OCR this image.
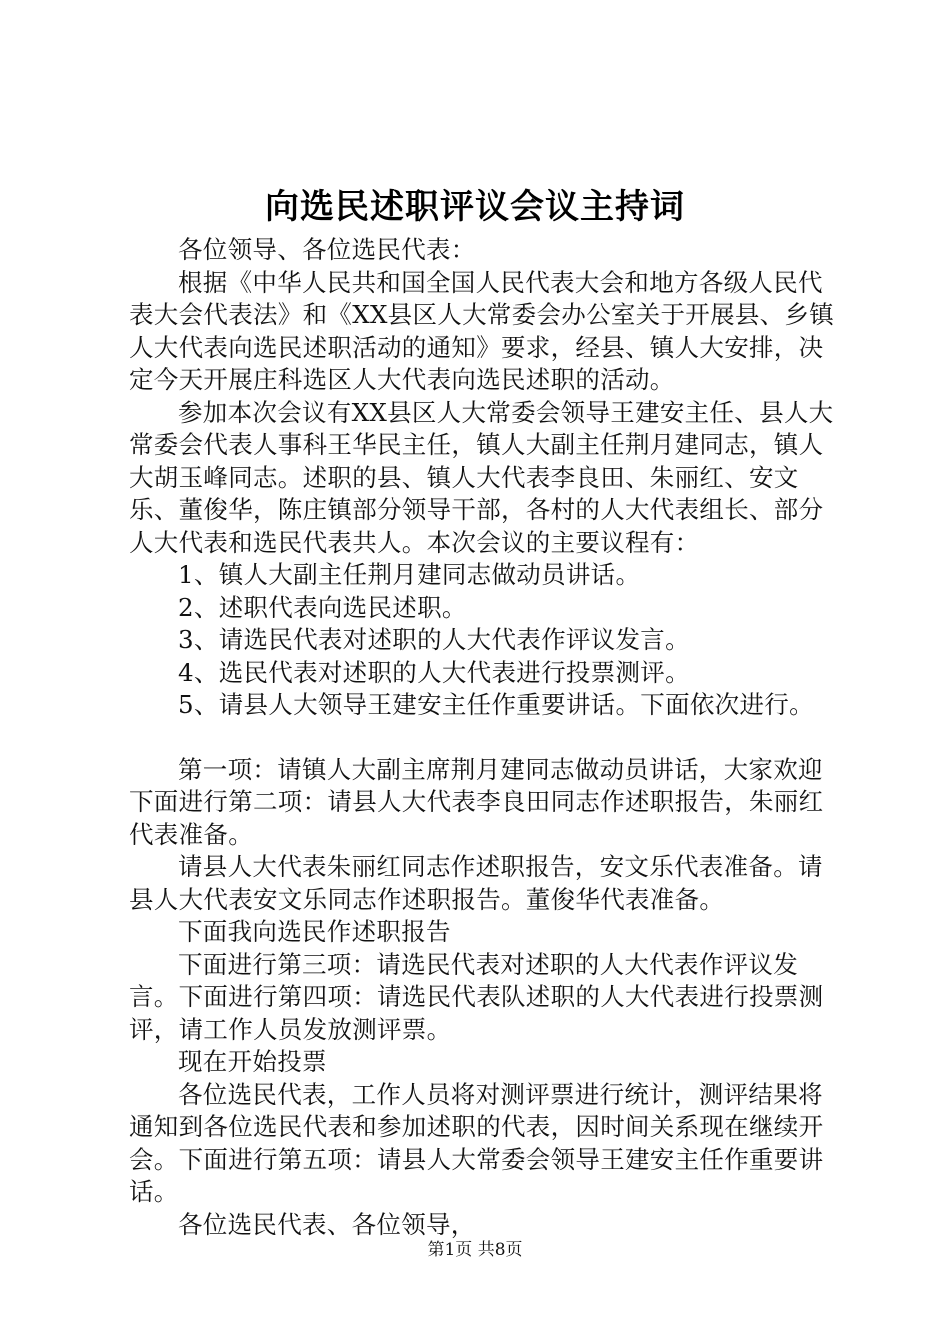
向选民述职评议会议主持词

各位领导、各位选民代表：

根据《中华人民共和国全国人民代表大会和地方各级人民代表大会代表法》和《XX县区人大常委会办公室关于开展县、乡镇人大代表向选民述职活动的通知》要求，经县、镇人大安排，决定今天开展庄科选区人大代表向选民述职的活动。

参加本次会议有XX县区人大常委会领导王建安主任、县人大常委会代表人事科王华民主任，镇人大副主任荆月建同志，镇人大胡玉峰同志。述职的县、镇人大代表李良田、朱丽红、安文乐、董俊华，陈庄镇部分领导干部，各村的人大代表组长、部分人大代表和选民代表共人。本次会议的主要议程有：

1、镇人大副主任荆月建同志做动员讲话。

2、述职代表向选民述职。

3、请选民代表对述职的人大代表作评议发言。

4、选民代表对述职的人大代表进行投票测评。

5、请县人大领导王建安主任作重要讲话。下面依次进行。

第一项：请镇人大副主席荆月建同志做动员讲话，大家欢迎下面进行第二项：请县人大代表李良田同志作述职报告，朱丽红代表准备。

请县人大代表朱丽红同志作述职报告，安文乐代表准备。请县人大代表安文乐同志作述职报告。董俊华代表准备。

下面我向选民作述职报告

下面进行第三项：请选民代表对述职的人大代表作评议发言。下面进行第四项：请选民代表队述职的人大代表进行投票测评，请工作人员发放测评票。

现在开始投票

各位选民代表，工作人员将对测评票进行统计，测评结果将通知到各位选民代表和参加述职的代表，因时间关系现在继续开会。下面进行第五项：请县人大常委会领导王建安主任作重要讲话。

各位选民代表、各位领导，

第1页 共8页
